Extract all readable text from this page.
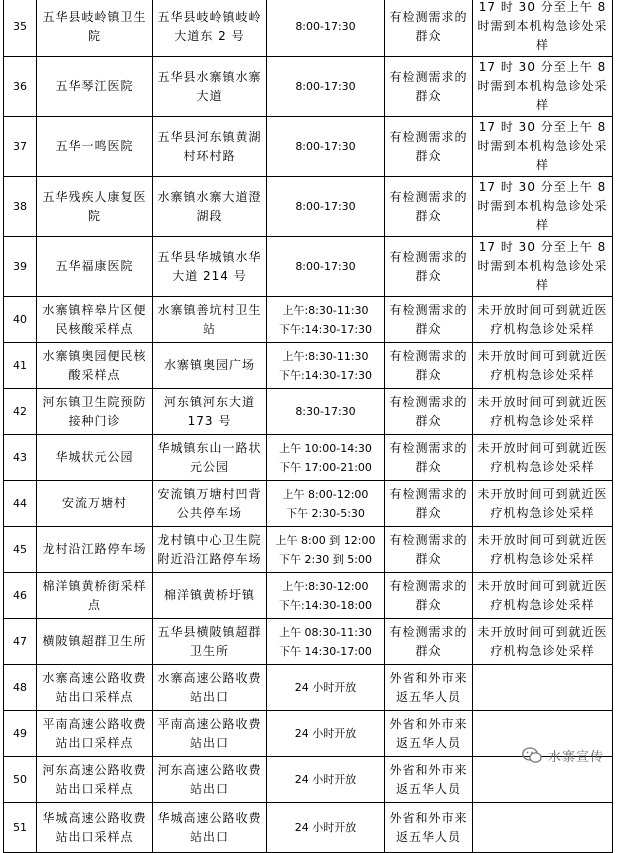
35	五华县岐岭镇卫生院	五华县岐岭镇岐岭大道东 2 号	8:00-17:30	有检测需求的群众	17 时 30 分至上午 8 时需到本机构急诊处采样
36	五华琴江医院	五华县水寨镇水寨大道	8:00-17:30	有检测需求的群众	17 时 30 分至上午 8 时需到本机构急诊处采样
37	五华一鸣医院	五华县河东镇黄湖村环村路	8:00-17:30	有检测需求的群众	17 时 30 分至上午 8 时需到本机构急诊处采样
38	五华残疾人康复医院	水寨镇水寨大道澄湖段	8:00-17:30	有检测需求的群众	17 时 30 分至上午 8 时需到本机构急诊处采样
39	五华福康医院	五华县华城镇水华大道 214 号	8:00-17:30	有检测需求的群众	17 时 30 分至上午 8 时需到本机构急诊处采样
40	水寨镇梓皋片区便民核酸采样点	水寨镇善坑村卫生站	上午:8:30-11:30
下午:14:30-17:30	有检测需求的群众	未开放时间可到就近医疗机构急诊处采样
41	水寨镇奥园便民核酸采样点	水寨镇奥园广场	上午:8:30-11:30
下午:14:30-17:30	有检测需求的群众	未开放时间可到就近医疗机构急诊处采样
42	河东镇卫生院预防接种门诊	河东镇河东大道173 号	8:30-17:30	有检测需求的群众	未开放时间可到就近医疗机构急诊处采样
43	华城状元公园	华城镇东山一路状元公园	上午 10:00-14:30
下午 17:00-21:00	有检测需求的群众	未开放时间可到就近医疗机构急诊处采样
44	安流万塘村	安流镇万塘村凹背公共停车场	上午 8:00-12:00
下午 2:30-5:30	有检测需求的群众	未开放时间可到就近医疗机构急诊处采样
45	龙村沿江路停车场	龙村镇中心卫生院附近沿江路停车场	上午 8:00 到 12:00
下午 2:30 到 5:00	有检测需求的群众	未开放时间可到就近医疗机构急诊处采样
46	棉洋镇黄桥街采样点	棉洋镇黄桥圩镇	上午:8:30-12:00
下午:14:30-18:00	有检测需求的群众	未开放时间可到就近医疗机构急诊处采样
47	横陂镇超群卫生所	五华县横陂镇超群卫生所	上午 08:30-11:30
下午 14:30-17:00	有检测需求的群众	未开放时间可到就近医疗机构急诊处采样
48	水寨高速公路收费站出口采样点	水寨高速公路收费站出口	24 小时开放	外省和外市来返五华人员	
49	平南高速公路收费站出口采样点	平南高速公路收费站出口	24 小时开放	外省和外市来返五华人员	
50	河东高速公路收费站出口采样点	河东高速公路收费站出口	24 小时开放	外省和外市来返五华人员	
51	华城高速公路收费站出口采样点	华城高速公路收费站出口	24 小时开放	外省和外市来返五华人员	
水寨宣传
